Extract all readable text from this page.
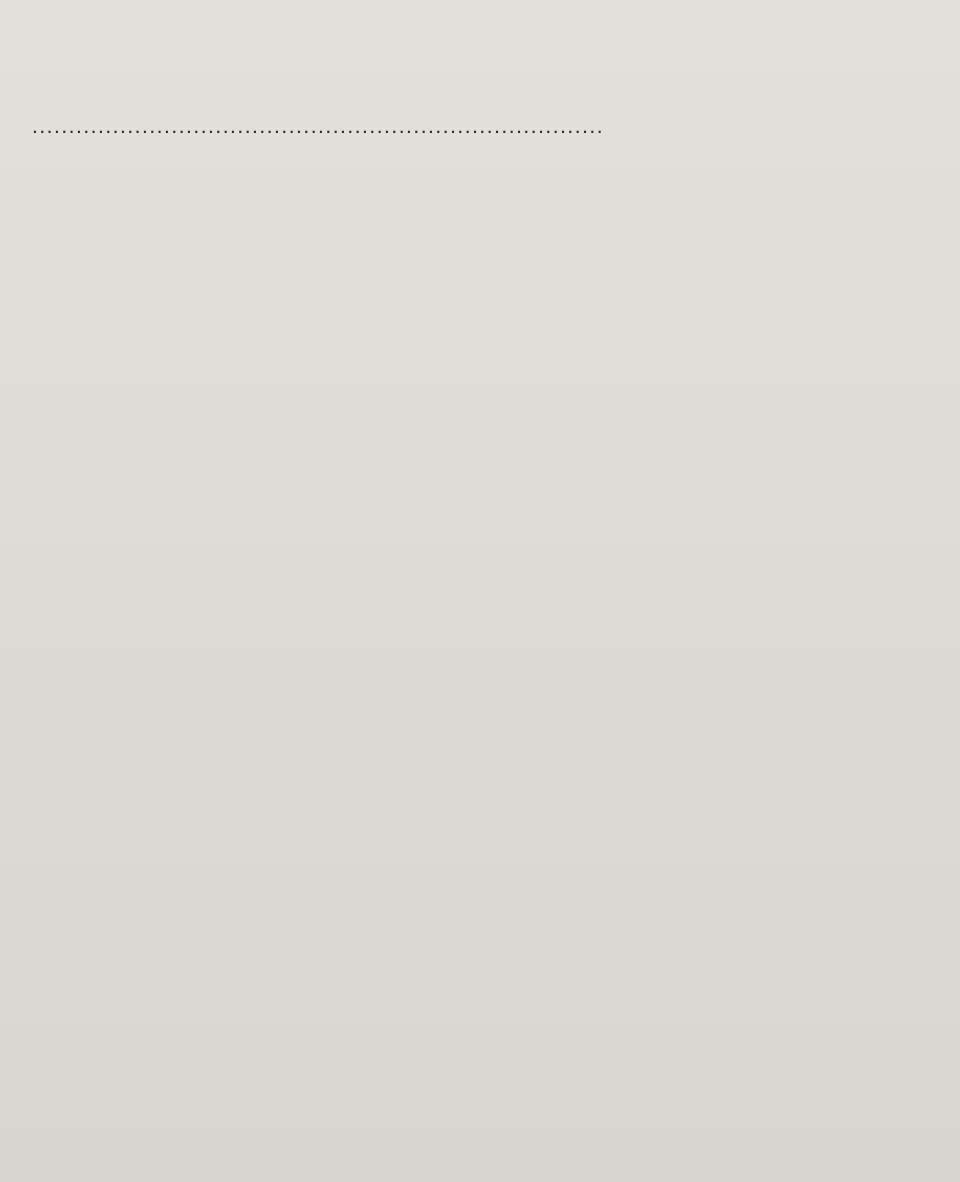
..............................................................................
